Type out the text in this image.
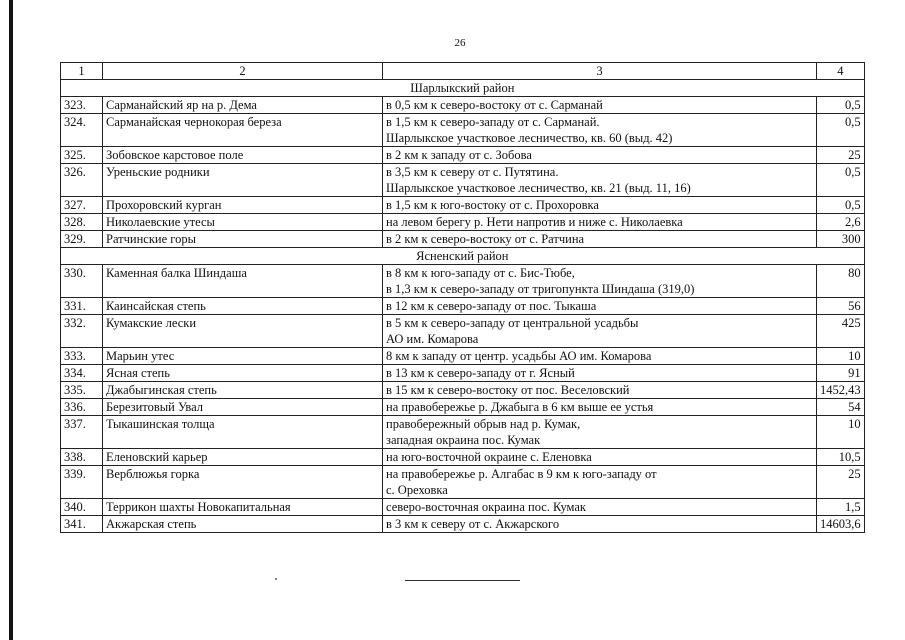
26
1	2	3	4
Шарлыкский район			
323.	Сарманайский яр на р. Дема	в 0,5 км к северо-востоку от с. Сарманай	0,5
324.	Сарманайская чернокорая береза	в 1,5 км к северо-западу от с. Сарманай.
Шарлыкское участковое лесничество, кв. 60 (выд. 42)	0,5
325.	Зобовское карстовое поле	в 2 км к западу от с. Зобова	25
326.	Уреньские родники	в 3,5 км к северу от с. Путятина.
Шарлыкское участковое лесничество, кв. 21 (выд. 11, 16)	0,5
327.	Прохоровский курган	в 1,5 км к юго-востоку от с. Прохоровка	0,5
328.	Николаевские утесы	на левом берегу р. Нети напротив и ниже с. Николаевка	2,6
329.	Ратчинские горы	в 2 км к северо-востоку от с. Ратчина	300
Ясненский район			
330.	Каменная балка Шиндаша	в 8 км к юго-западу от с. Бис-Тюбе,
в 1,3 км к северо-западу от тригопункта Шиндаша (319,0)	80
331.	Каинсайская степь	в 12 км к северо-западу от пос. Тыкаша	56
332.	Кумакские лески	в 5 км к северо-западу от центральной усадьбы
АО им. Комарова	425
333.	Марьин утес	8 км к западу от центр. усадьбы АО им. Комарова	10
334.	Ясная степь	в 13 км к северо-западу от г. Ясный	91
335.	Джабыгинская степь	в 15 км к северо-востоку от пос. Веселовский	1452,43
336.	Березитовый Увал	на правобережье р. Джабыга в 6 км выше ее устья	54
337.	Тыкашинская толща	правобережный обрыв над р. Кумак,
западная окраина пос. Кумак	10
338.	Еленовский карьер	на юго-восточной окраине с. Еленовка	10,5
339.	Верблюжья горка	на правобережье р. Алгабас в 9 км к юго-западу от
с. Ореховка	25
340.	Террикон шахты Новокапитальная	северо-восточная окраина пос. Кумак	1,5
341.	Акжарская степь	в 3 км к северу от с. Акжарского	14603,6
